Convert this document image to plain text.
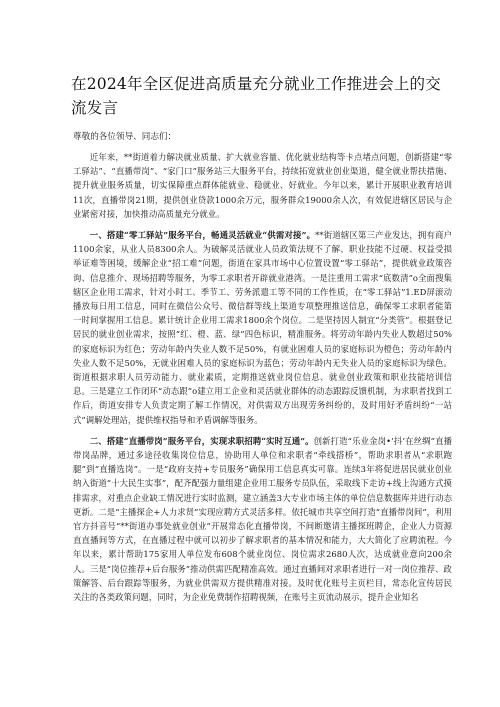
在2024年全区促进高质量充分就业工作推进会上的交流发言

尊敬的各位领导、同志们：

近年来，**街道着力解决就业质量、扩大就业容量、优化就业结构等卡点堵点问题，创新搭建“零工驿站”、“直播带岗”、“家门口”服务站三大服务平台，持续拓宽就业创业渠道，健全就业帮扶措施、提升就业服务质量，切实保障重点群体能就业、稳就业、好就业。今年以来，累计开展职业教育培训11次，直播带岗21期，提供创业贷款1000余万元，服务群众19000余人次，有效促进辖区居民与企业紧密对接，加快推动高质量充分就业。

一、搭建“零工驿站”服务平台，畅通灵活就业“供需对接”。**街道辖区第三产业发达，拥有商户1100余家，从业人员8300余人。为破解灵活就业人员政策法规不了解、职业技能不过硬、权益受损举证难等困境，缓解企业“招工难”问题，街道在家具市场中心位置设置“零工驿站”，提供就业政策咨询、信息推介、现场招聘等服务，为零工求职者开辟就业港湾。一是注重用工需求“底数清”o全面搜集辖区企业用工需求，针对小时工、季节工、劳务派遣工等不同的工作性质，在“零工驿站”1.ED屏滚动播放每日用工信息，同时在微信公众号、微信群等线上渠道专项整理推送信息，确保零工求职者能第一时间掌握用工信息。累计统计企业用工需求1800余个岗位。二是坚持因人制宜“分类管”。根据登记居民的就业创业需求，按照“红、橙、蓝、绿”四色标识，精准服务。将劳动年龄内失业人数超过50%的家庭标识为红色；劳动年龄内失业人数不足50%，有就业困难人员的家庭标识为橙色；劳动年龄内失业人数不足50%，无就业困难人员的家庭标识为蓝色；劳动年龄内无失业人员的家庭标识为绿色。街道根据求职人员劳动能力、就业素质，定期推送就业岗位信息、就业创业政策和职业技能培训信息。三是建立工作闭环“动态跟”o建立用工企业和灵活就业群体的动态跟踪反馈机制，为求职者找到工作后，街道安排专人负责定期了解工作情况，对供需双方出现劳务纠纷的，及时用好矛盾纠纷“一站式”调解处理站，提供维权指导和矛盾调解等服务。

二、搭建“直播带岗”服务平台，实现求职招聘“实时互通”。创新打造“乐业金岗•’抖’在丝绸”直播带岗品牌，通过多途径收集岗位信息，协助用人单位和求职者“牵线搭桥”，帮助求职者从“求职跑腿”到“直播选岗”。一是“政府支持+专员服务”确保用工信息真实可靠。连续3年将促进居民就业创业纳入街道“十大民生实事”，配齐配强力量组建企业用工服务专员队伍，采取线下走访+线上沟通方式摸排需求，对重点企业缺工情况进行实时监测，建立涵盖3大专业市场主体的单位信息数据库并进行动态更新。二是“主播探企+人力求贤”实现应聘方式灵活多样。依托城市共享空间打造“直播带岗间”，利用官方抖音号“**街道办事处就业创业”开展常态化直播带岗，不间断邀请主播探班聘企，企业人力资源直直播间等方式，在直播过程中就可以初步了解求职者的基本情况和能力，大大简化了应聘流程。今年以来，累计帮助175家用人单位发布608个就业岗位、岗位需求2680人次，达成就业意向200余人。三是“岗位推荐+后台服务”推动供需匹配精准高效。通过直播间对求职者进行一对一岗位推荐、政策解答、后台跟踪等服务，为就业供需双方提供精准对接。及时优化账号主页栏目，常态化宣传居民关注的各类政策问题，同时，为企业免费制作招聘视频，在账号主页流动展示，提升企业知名
